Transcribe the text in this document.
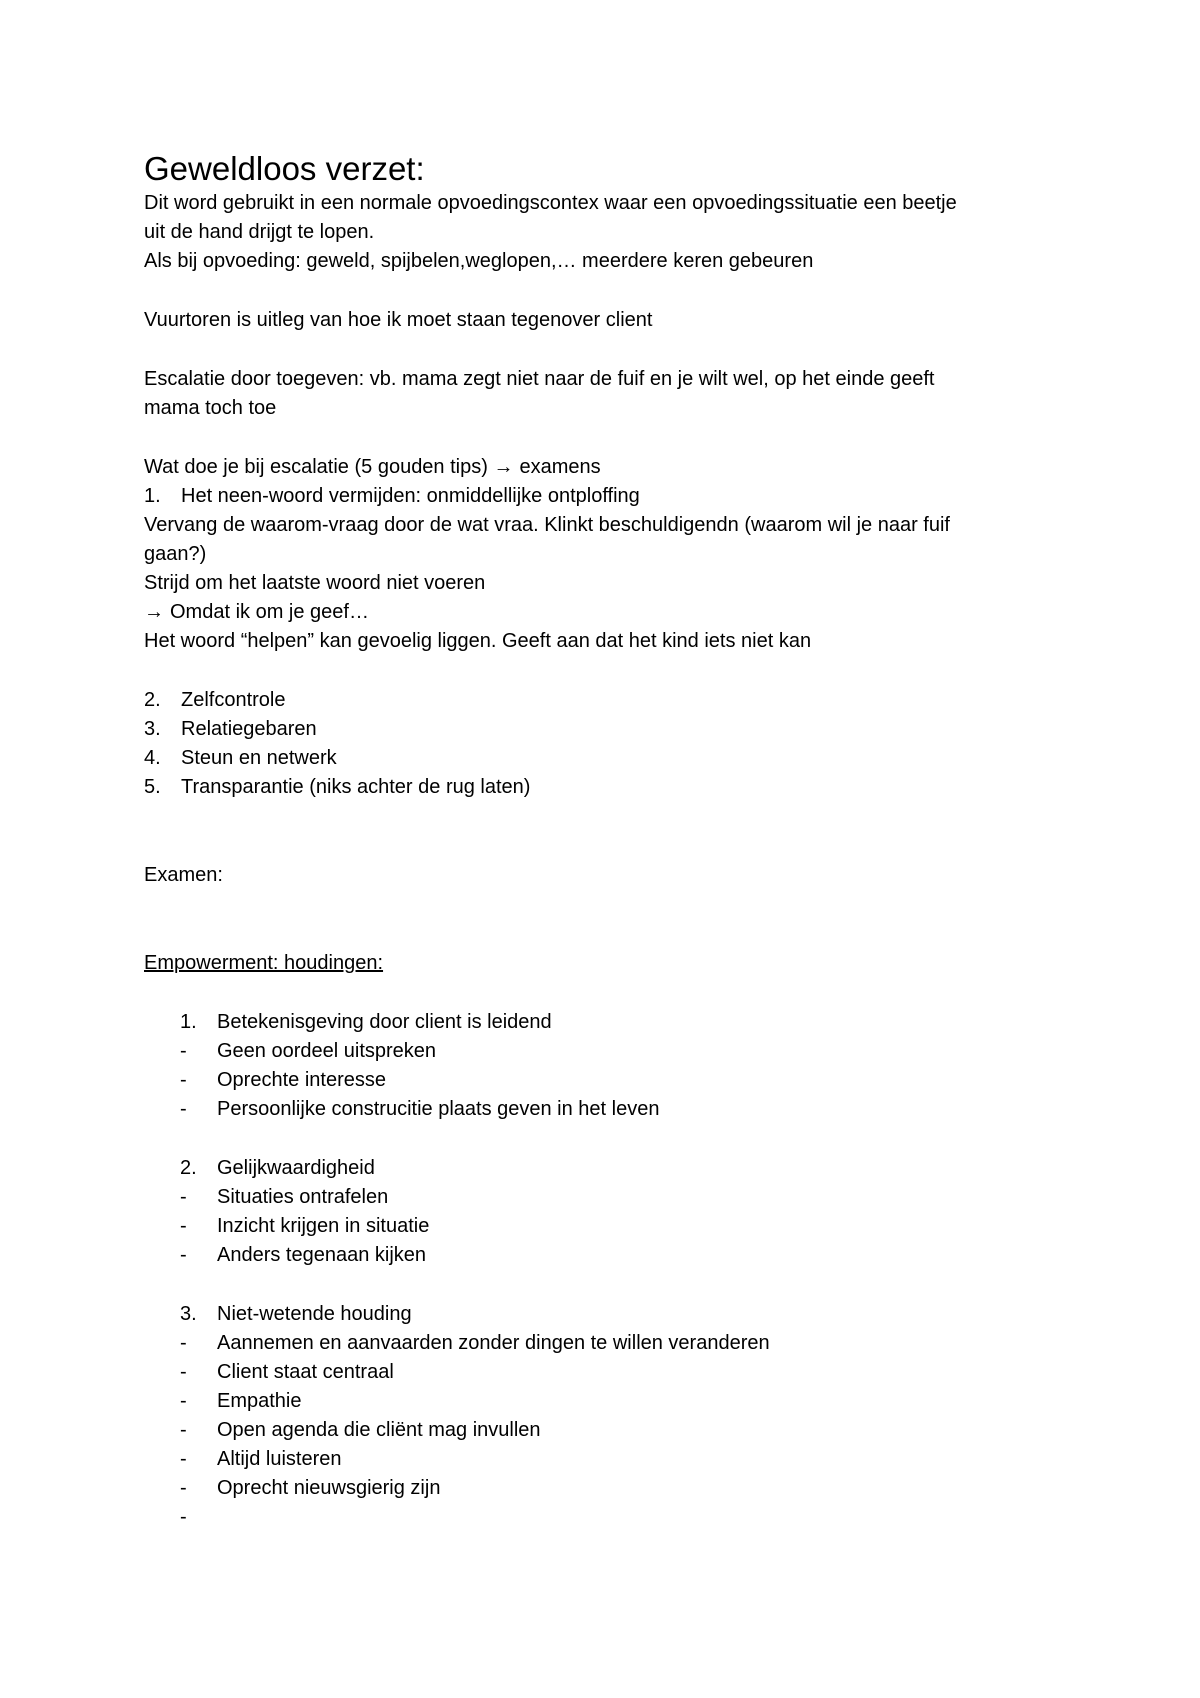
Geweldloos verzet:
Dit word gebruikt in een normale opvoedingscontex waar een opvoedingssituatie een beetje
uit de hand drijgt te lopen.
Als bij opvoeding: geweld, spijbelen,weglopen,… meerdere keren gebeuren
Vuurtoren is uitleg van hoe ik moet staan tegenover client
Escalatie door toegeven: vb. mama zegt niet naar de fuif en je wilt wel, op het einde geeft
mama toch toe
Wat doe je bij escalatie (5 gouden tips) → examens
1. Het neen-woord vermijden: onmiddellijke ontploffing
Vervang de waarom-vraag door de wat vraa. Klinkt beschuldigendn (waarom wil je naar fuif
gaan?)
Strijd om het laatste woord niet voeren
→ Omdat ik om je geef…
Het woord “helpen” kan gevoelig liggen. Geeft aan dat het kind iets niet kan
2. Zelfcontrole
3. Relatiegebaren
4. Steun en netwerk
5. Transparantie (niks achter de rug laten)
Examen:
Empowerment: houdingen:
1.	Betekenisgeving door client is leidend
-	Geen oordeel uitspreken
-	Oprechte interesse
-	Persoonlijke construcitie plaats geven in het leven
2.	Gelijkwaardigheid
-	Situaties ontrafelen
-	Inzicht krijgen in situatie
-	Anders tegenaan kijken
3.	Niet-wetende houding
-	Aannemen en aanvaarden zonder dingen te willen veranderen
-	Client staat centraal
-	Empathie
-	Open agenda die cliënt mag invullen
-	Altijd luisteren
-	Oprecht nieuwsgierig zijn
-
